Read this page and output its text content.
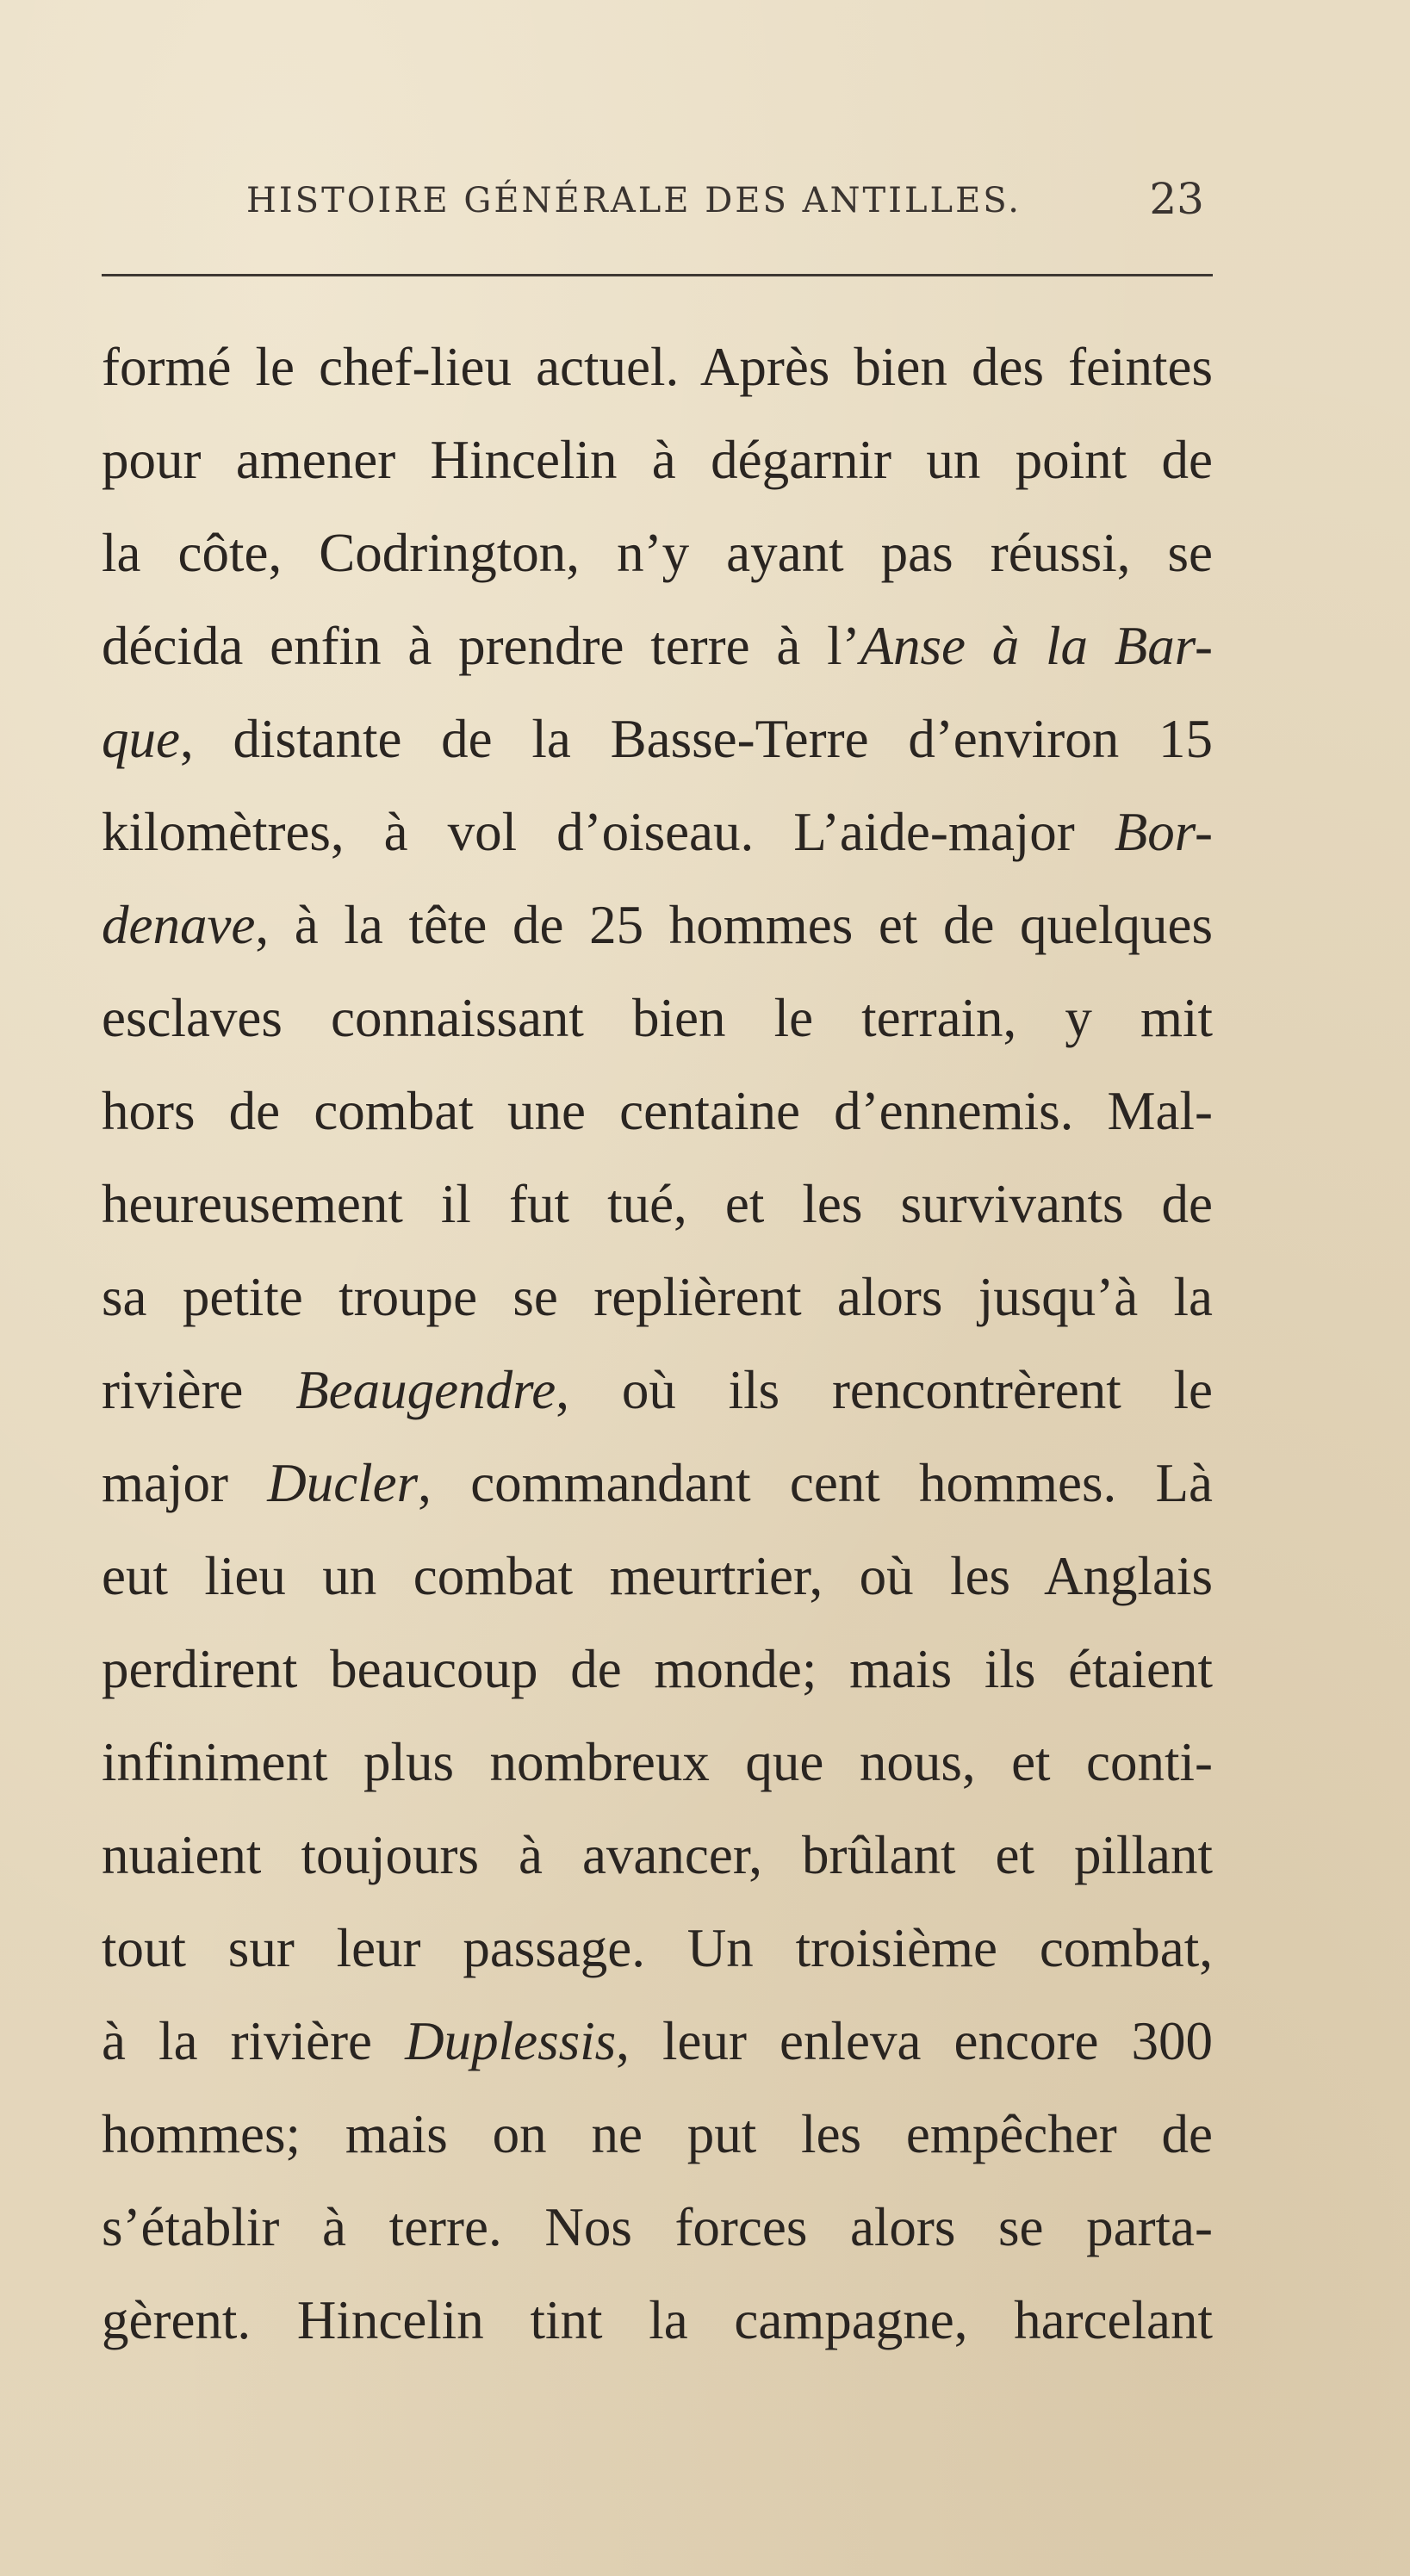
HISTOIRE GÉNÉRALE DES ANTILLES.	23
formé le chef-lieu actuel. Après bien des feintes
pour amener Hincelin à dégarnir un point de
la côte, Codrington, n’y ayant pas réussi, se
décida enfin à prendre terre à l’Anse à la Bar-
que, distante de la Basse-Terre d’environ 15
kilomètres, à vol d’oiseau. L’aide-major Bor-
denave, à la tête de 25 hommes et de quelques
esclaves connaissant bien le terrain, y mit
hors de combat une centaine d’ennemis. Mal-
heureusement il fut tué, et les survivants de
sa petite troupe se replièrent alors jusqu’à la
rivière Beaugendre, où ils rencontrèrent le
major Ducler, commandant cent hommes. Là
eut lieu un combat meurtrier, où les Anglais
perdirent beaucoup de monde; mais ils étaient
infiniment plus nombreux que nous, et conti-
nuaient toujours à avancer, brûlant et pillant
tout sur leur passage. Un troisième combat,
à la rivière Duplessis, leur enleva encore 300
hommes; mais on ne put les empêcher de
s’établir à terre. Nos forces alors se parta-
gèrent. Hincelin tint la campagne, harcelant
